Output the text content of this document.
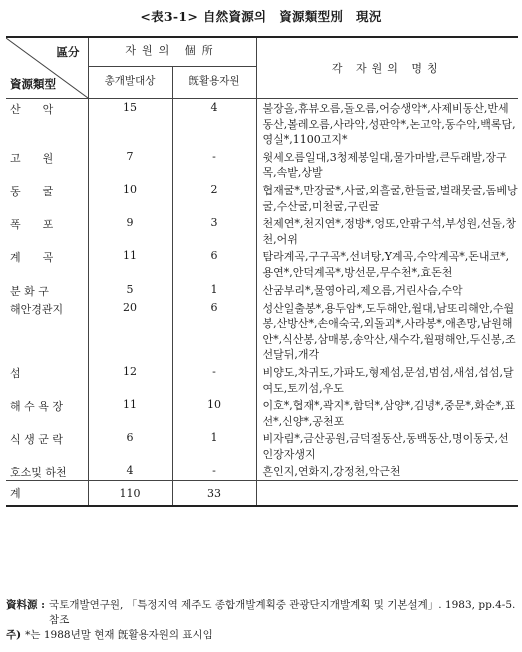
<表3-1> 自然資源의　資源類型別　現況
區分
資源類型	자원의 個所		각 자원의 명칭
	총개발대상	旣활용자원	
산　　악	15	4	불장올,휴뷰오름,돌오름,어승생악*,사제비동산,반세동산,볼레오름,사라악,성판악*,논고악,동수악,백록담,영실*,1100고지*
고　　원	7	-	윗세오름일대,3청제봉일대,물가마발,큰두래발,장구목,속밭,상발
동　　굴	10	2	협재굴*,만장굴*,사굴,외흘굴,한들굴,벌래못굴,돔베낭굴,수산굴,미천굴,구린굴
폭　　포	9	3	천제연*,천지연*,정방*,엉또,안팎구석,부성원,선돌,창천,어위
계　　곡	11	6	탐라계곡,구구곡*,선녀탕,Y계곡,수악계곡*,돈내코*,용연*,안덕계곡*,방선문,무수천*,효돈천
분 화 구	5	1	산굼부리*,물영아리,제오름,거린사슴,수악
해안경관지	20	6	성산일출봉*,용두암*,도두해안,월대,남또리해안,수월봉,산방산*,손애숙국,외돌괴*,사라봉*,애촌망,남원해안*,식산봉,삼매봉,송악산,새수각,월평해안,두신봉,조선달뒤,개각
섬	12	-	비양도,차귀도,가파도,형제섬,문섬,범섬,새섬,섭섬,달여도,토끼섬,우도
해 수 욕 장	11	10	이호*,협재*,곽지*,함덕*,삼양*,김녕*,중문*,화순*,표선*,신양*,공천포
식 생 군 락	6	1	비자림*,금산공원,금덕절동산,동백동산,명이동굿,선인장자생지
호소및 하천	4	-	흔인지,연화지,강정천,악근천
계	110	33	
資料源 : 국토개발연구원, 「특정지역 제주도 종합개발계획중 관광단지개발계획 및 기본설계」. 1983, pp.4-5. 참조
주) *는 1988년말 현재 旣활용자원의 표시임
